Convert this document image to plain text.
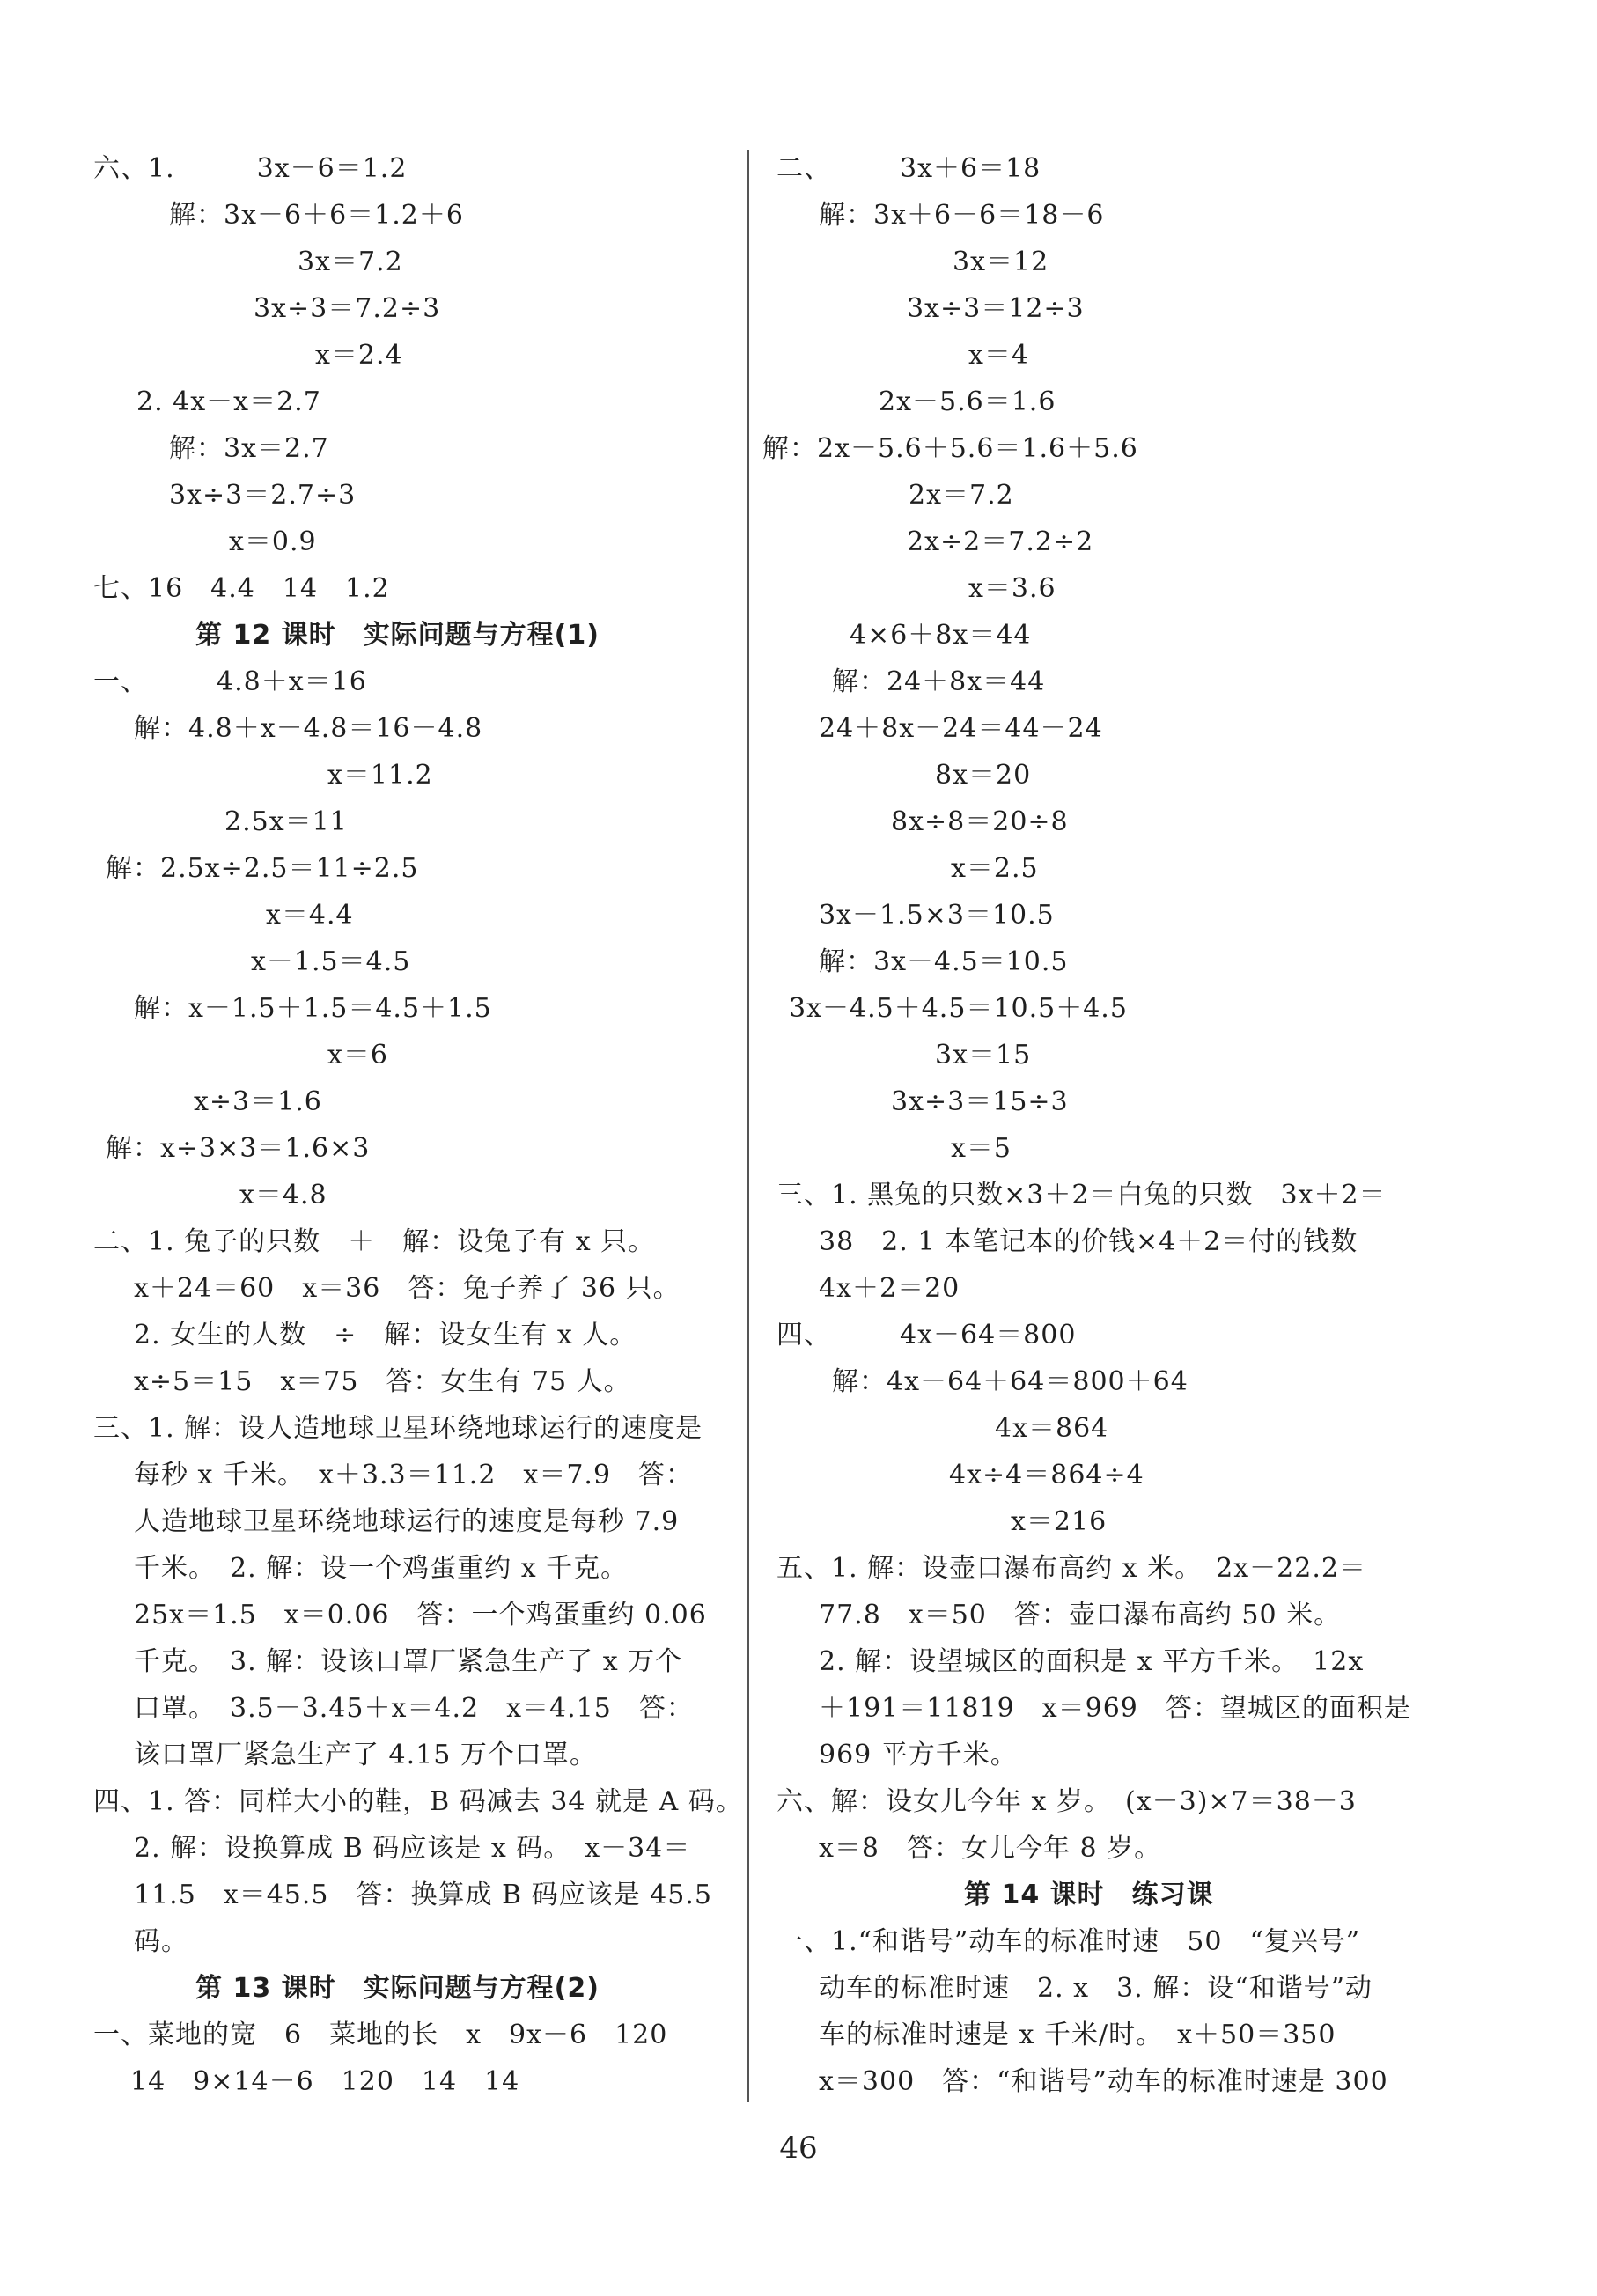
六、1.　　　3x－6＝1.2
解：3x－6＋6＝1.2＋6
3x＝7.2
3x÷3＝7.2÷3
x＝2.4
2. 4x－x＝2.7
解：3x＝2.7
3x÷3＝2.7÷3
x＝0.9
七、16　4.4　14　1.2
第 12 课时　实际问题与方程(1)
一、　　　4.8＋x＝16
解：4.8＋x－4.8＝16－4.8
x＝11.2
2.5x＝11
解：2.5x÷2.5＝11÷2.5
x＝4.4
x－1.5＝4.5
解：x－1.5＋1.5＝4.5＋1.5
x＝6
x÷3＝1.6
解：x÷3×3＝1.6×3
x＝4.8
二、1. 兔子的只数　＋　解：设兔子有 x 只。
x＋24＝60　x＝36　答：兔子养了 36 只。
2. 女生的人数　÷　解：设女生有 x 人。
x÷5＝15　x＝75　答：女生有 75 人。
三、1. 解：设人造地球卫星环绕地球运行的速度是
每秒 x 千米。　x＋3.3＝11.2　x＝7.9　答：
人造地球卫星环绕地球运行的速度是每秒 7.9
千米。　2. 解：设一个鸡蛋重约 x 千克。
25x＝1.5　x＝0.06　答：一个鸡蛋重约 0.06
千克。　3. 解：设该口罩厂紧急生产了 x 万个
口罩。　3.5－3.45＋x＝4.2　x＝4.15　答：
该口罩厂紧急生产了 4.15 万个口罩。
四、1. 答：同样大小的鞋，B 码减去 34 就是 A 码。
2. 解：设换算成 B 码应该是 x 码。　x－34＝
11.5　x＝45.5　答：换算成 B 码应该是 45.5
码。
第 13 课时　实际问题与方程(2)
一、菜地的宽　6　菜地的长　x　9x－6　120
14　9×14－6　120　14　14
二、　　　3x＋6＝18
解：3x＋6－6＝18－6
3x＝12
3x÷3＝12÷3
x＝4
2x－5.6＝1.6
解：2x－5.6＋5.6＝1.6＋5.6
2x＝7.2
2x÷2＝7.2÷2
x＝3.6
4×6＋8x＝44
解：24＋8x＝44
24＋8x－24＝44－24
8x＝20
8x÷8＝20÷8
x＝2.5
3x－1.5×3＝10.5
解：3x－4.5＝10.5
3x－4.5＋4.5＝10.5＋4.5
3x＝15
3x÷3＝15÷3
x＝5
三、1. 黑兔的只数×3＋2＝白兔的只数　3x＋2＝
38　2. 1 本笔记本的价钱×4＋2＝付的钱数
4x＋2＝20
四、　　　4x－64＝800
解：4x－64＋64＝800＋64
4x＝864
4x÷4＝864÷4
x＝216
五、1. 解：设壶口瀑布高约 x 米。　2x－22.2＝
77.8　x＝50　答：壶口瀑布高约 50 米。
2. 解：设望城区的面积是 x 平方千米。　12x
＋191＝11819　x＝969　答：望城区的面积是
969 平方千米。
六、解：设女儿今年 x 岁。　(x－3)×7＝38－3
x＝8　答：女儿今年 8 岁。
第 14 课时　练习课
一、1.“和谐号”动车的标准时速　50　“复兴号”
动车的标准时速　2. x　3. 解：设“和谐号”动
车的标准时速是 x 千米/时。　x＋50＝350
x＝300　答：“和谐号”动车的标准时速是 300
46
